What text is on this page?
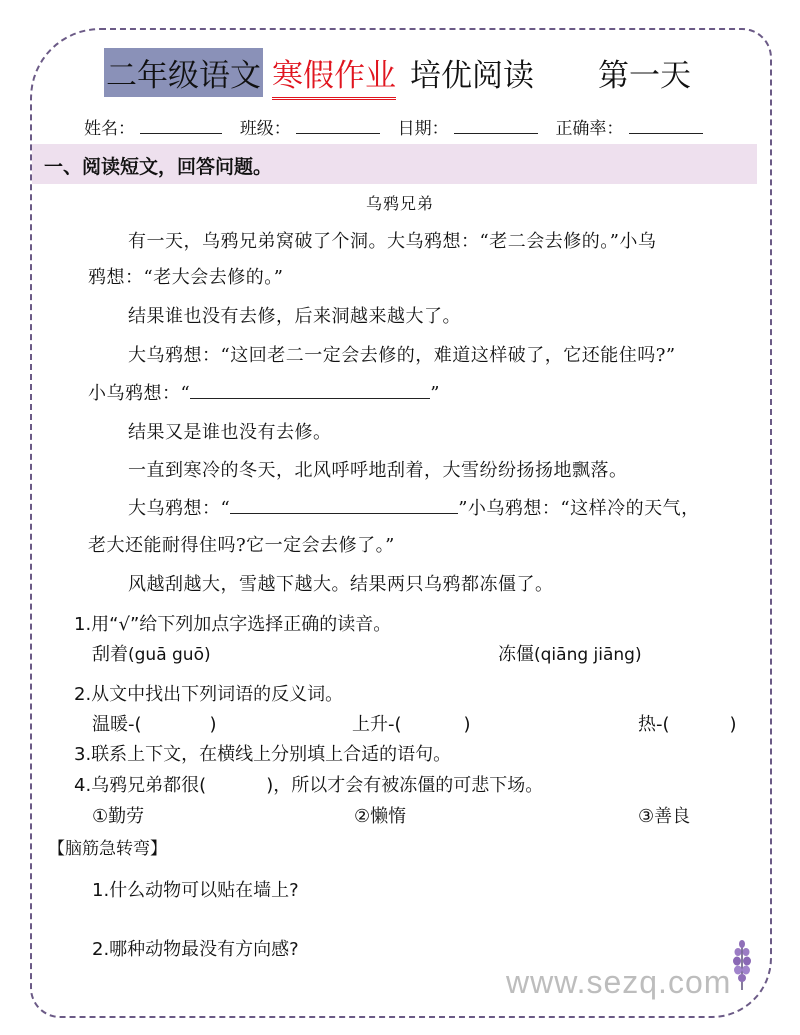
二年级语文 寒假作业 培优阅读 第一天
姓名：	班级：	日期：	正确率：
一、阅读短文，回答问题。
乌鸦兄弟
有一天，乌鸦兄弟窝破了个洞。大乌鸦想：“老二会去修的。”小乌
鸦想：“老大会去修的。”
结果谁也没有去修，后来洞越来越大了。
大乌鸦想：“这回老二一定会去修的，难道这样破了，它还能住吗?”
小乌鸦想：“	”
结果又是谁也没有去修。
一直到寒冷的冬天，北风呼呼地刮着，大雪纷纷扬扬地飘落。
大乌鸦想：“	”小乌鸦想：“这样冷的天气，
老大还能耐得住吗?它一定会去修了。”
风越刮越大，雪越下越大。结果两只乌鸦都冻僵了。
1.用“√”给下列加点字选择正确的读音。
刮着(guā guō)	冻僵(qiāng jiāng)
2.从文中找出下列词语的反义词。
温暖-(	)	上升-(	)	热-(	)
3.联系上下文，在横线上分别填上合适的语句。
4.乌鸦兄弟都很(	)，所以才会有被冻僵的可悲下场。
①勤劳	②懒惰	③善良
【脑筋急转弯】
1.什么动物可以贴在墙上?
2.哪种动物最没有方向感?
www.sezq.com
